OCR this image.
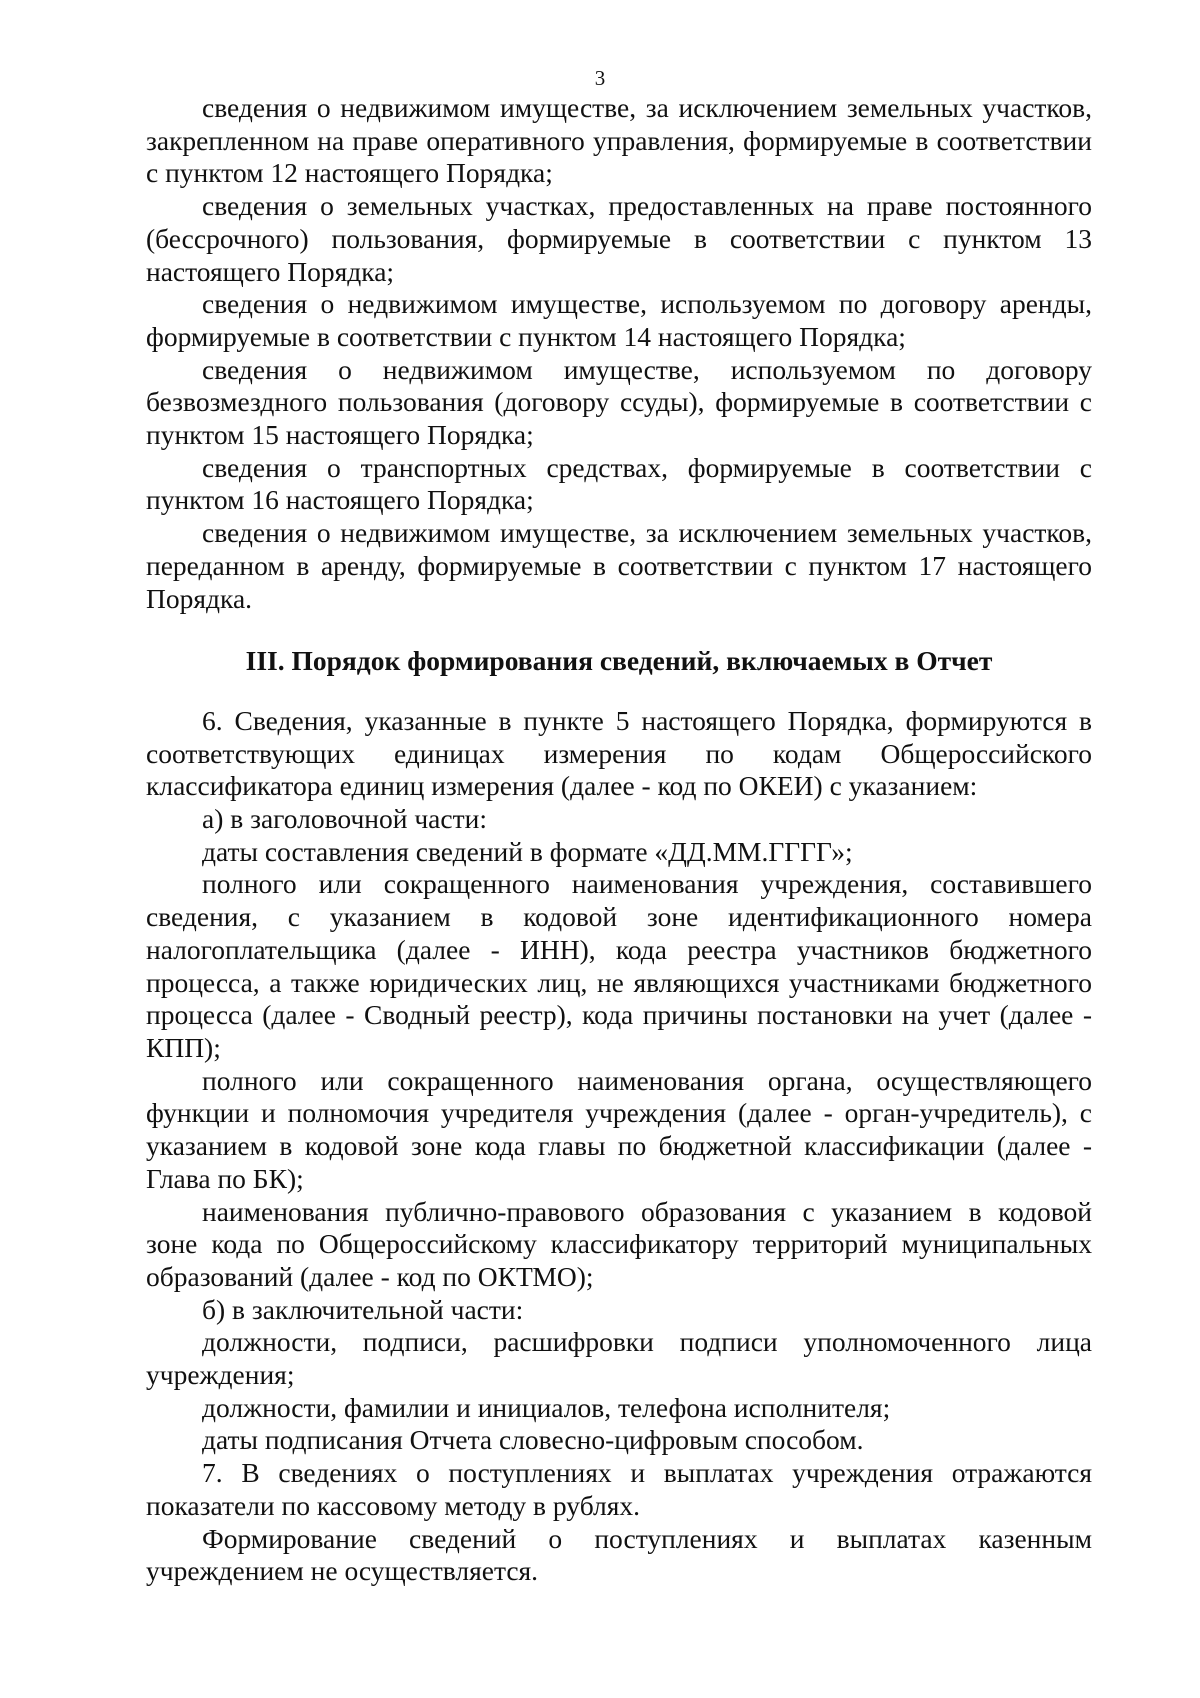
3

сведения о недвижимом имуществе, за исключением земельных участков, закрепленном на праве оперативного управления, формируемые в соответствии с пунктом 12 настоящего Порядка;

сведения о земельных участках, предоставленных на праве постоянного (бессрочного) пользования, формируемые в соответствии с пунктом 13 настоящего Порядка;

сведения о недвижимом имуществе, используемом по договору аренды, формируемые в соответствии с пунктом 14 настоящего Порядка;

сведения о недвижимом имуществе, используемом по договору безвозмездного пользования (договору ссуды), формируемые в соответствии с пунктом 15 настоящего Порядка;

сведения о транспортных средствах, формируемые в соответствии с пунктом 16 настоящего Порядка;

сведения о недвижимом имуществе, за исключением земельных участков, переданном в аренду, формируемые в соответствии с пунктом 17 настоящего Порядка.

III. Порядок формирования сведений, включаемых в Отчет

6. Сведения, указанные в пункте 5 настоящего Порядка, формируются в соответствующих единицах измерения по кодам Общероссийского классификатора единиц измерения (далее - код по ОКЕИ) с указанием:

а) в заголовочной части:

даты составления сведений в формате «ДД.ММ.ГГГГ»;

полного или сокращенного наименования учреждения, составившего сведения, с указанием в кодовой зоне идентификационного номера налогоплательщика (далее - ИНН), кода реестра участников бюджетного процесса, а также юридических лиц, не являющихся участниками бюджетного процесса (далее - Сводный реестр), кода причины постановки на учет (далее - КПП);

полного или сокращенного наименования органа, осуществляющего функции и полномочия учредителя учреждения (далее - орган-учредитель), с указанием в кодовой зоне кода главы по бюджетной классификации (далее - Глава по БК);

наименования публично-правового образования с указанием в кодовой зоне кода по Общероссийскому классификатору территорий муниципальных образований (далее - код по ОКТМО);

б) в заключительной части:

должности, подписи, расшифровки подписи уполномоченного лица учреждения;

должности, фамилии и инициалов, телефона исполнителя;

даты подписания Отчета словесно-цифровым способом.

7. В сведениях о поступлениях и выплатах учреждения отражаются показатели по кассовому методу в рублях.

Формирование сведений о поступлениях и выплатах казенным учреждением не осуществляется.
